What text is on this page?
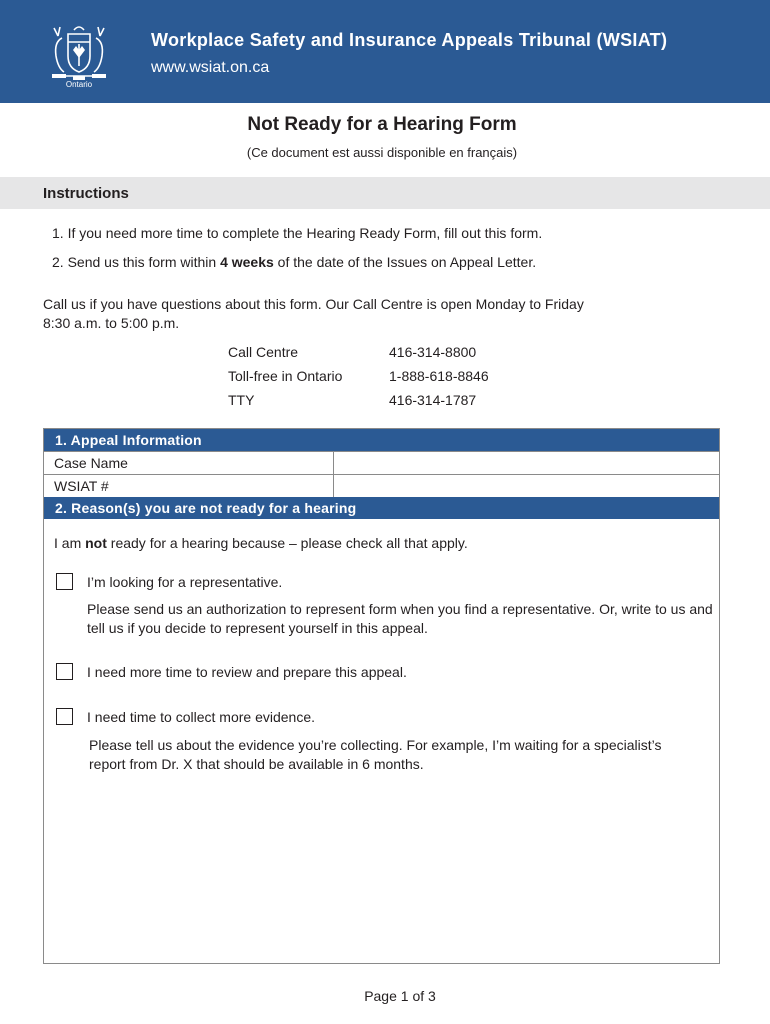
Ontario
Workplace Safety and Insurance Appeals Tribunal (WSIAT)
www.wsiat.on.ca
Not Ready for a Hearing Form
(Ce document est aussi disponible en français)
Instructions
1. If you need more time to complete the Hearing Ready Form, fill out this form.
2. Send us this form within 4 weeks of the date of the Issues on Appeal Letter.
Call us if you have questions about this form. Our Call Centre is open Monday to Friday
8:30 a.m. to 5:00 p.m.
Call Centre	416-314-8800
Toll-free in Ontario	1-888-618-8846
TTY	416-314-1787
1. Appeal Information
Case Name
WSIAT #
2. Reason(s) you are not ready for a hearing
I am not ready for a hearing because – please check all that apply.
I’m looking for a representative.
Please send us an authorization to represent form when you find a representative. Or, write to us and tell us if you decide to represent yourself in this appeal.
I need more time to review and prepare this appeal.
I need time to collect more evidence.
Please tell us about the evidence you’re collecting. For example, I’m waiting for a specialist’s report from Dr. X that should be available in 6 months.
Page 1 of 3
